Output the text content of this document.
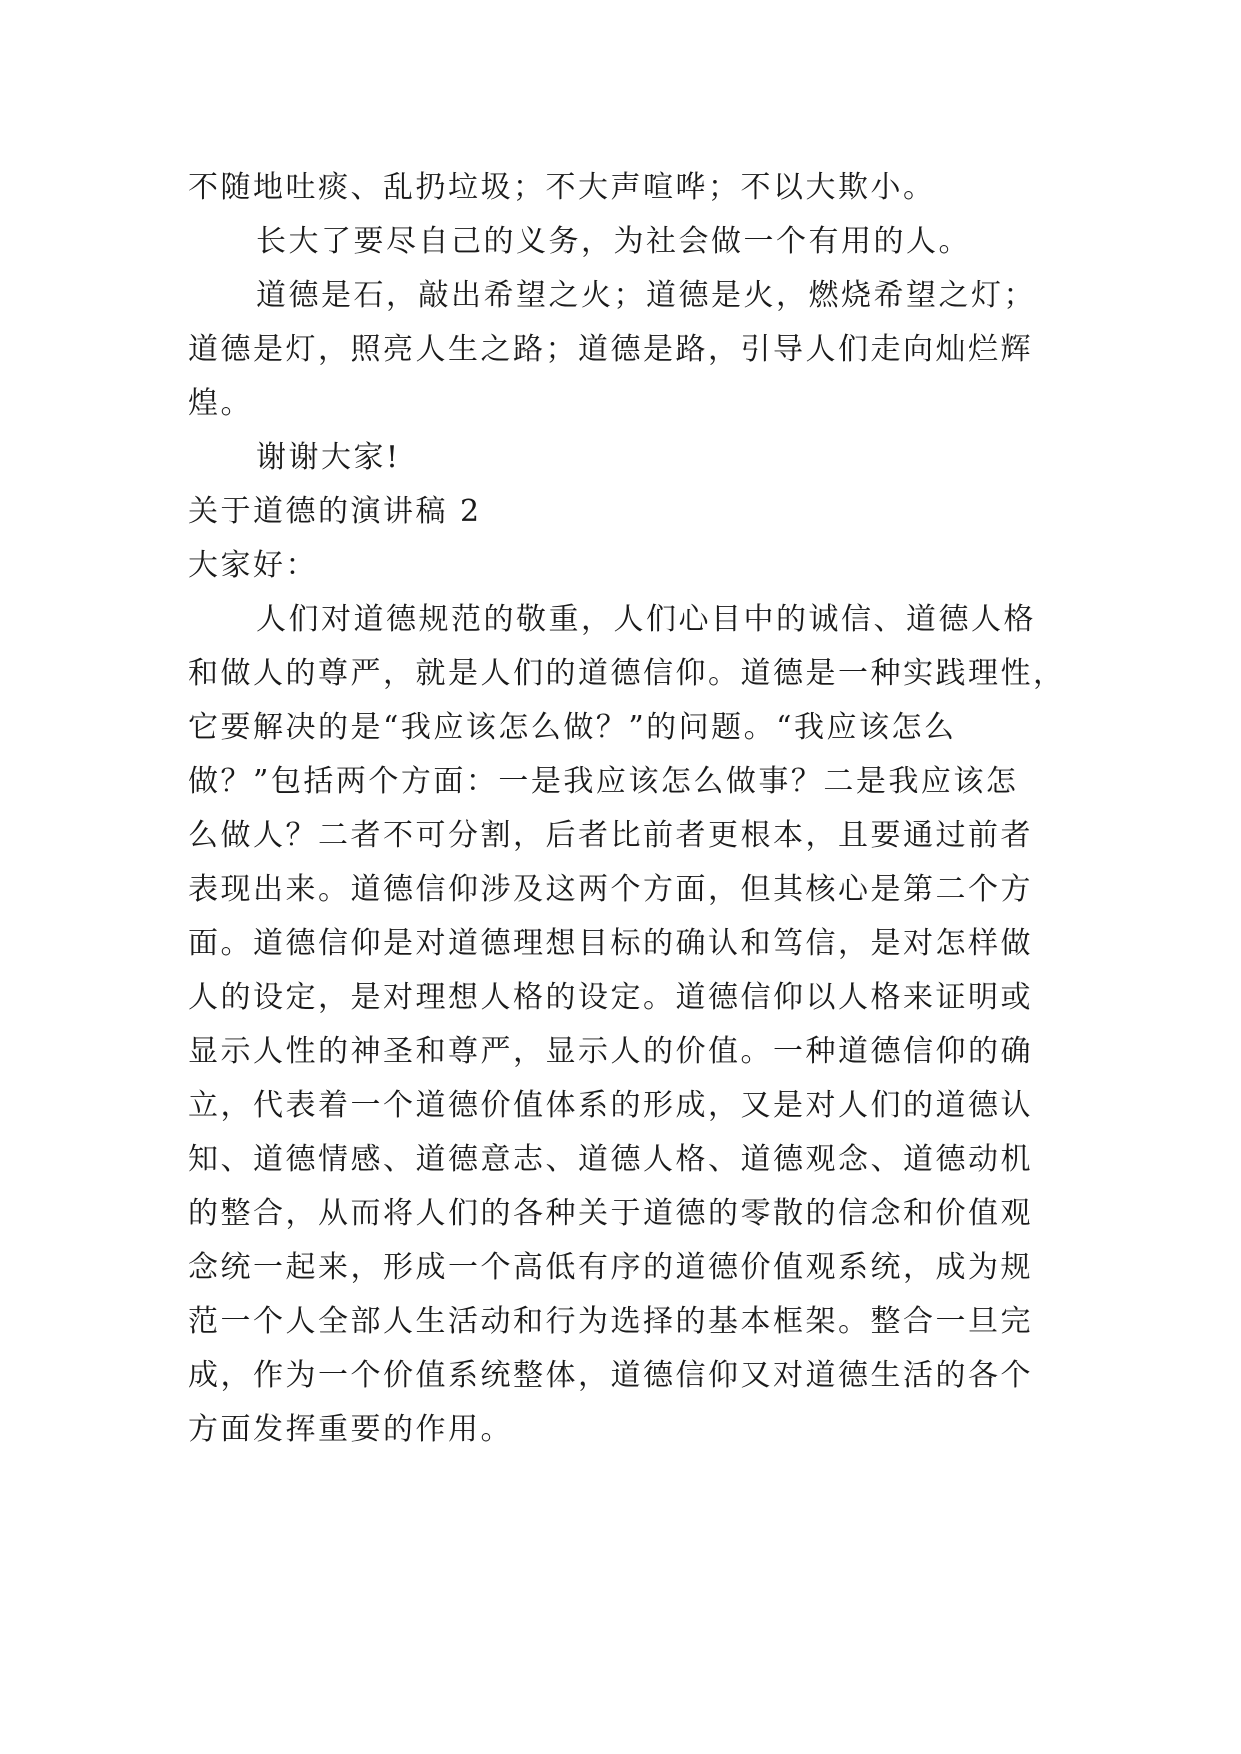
不随地吐痰、乱扔垃圾；不大声喧哗；不以大欺小。
长大了要尽自己的义务，为社会做一个有用的人。
道德是石，敲出希望之火；道德是火，燃烧希望之灯；
道德是灯，照亮人生之路；道德是路，引导人们走向灿烂辉
煌。
谢谢大家!
关于道德的演讲稿 2
大家好：
人们对道德规范的敬重，人们心目中的诚信、道德人格
和做人的尊严，就是人们的道德信仰。道德是一种实践理性，
它要解决的是“我应该怎么做？”的问题。“我应该怎么
做？”包括两个方面：一是我应该怎么做事？二是我应该怎
么做人？二者不可分割，后者比前者更根本，且要通过前者
表现出来。道德信仰涉及这两个方面，但其核心是第二个方
面。道德信仰是对道德理想目标的确认和笃信，是对怎样做
人的设定，是对理想人格的设定。道德信仰以人格来证明或
显示人性的神圣和尊严，显示人的价值。一种道德信仰的确
立，代表着一个道德价值体系的形成，又是对人们的道德认
知、道德情感、道德意志、道德人格、道德观念、道德动机
的整合，从而将人们的各种关于道德的零散的信念和价值观
念统一起来，形成一个高低有序的道德价值观系统，成为规
范一个人全部人生活动和行为选择的基本框架。整合一旦完
成，作为一个价值系统整体，道德信仰又对道德生活的各个
方面发挥重要的作用。
